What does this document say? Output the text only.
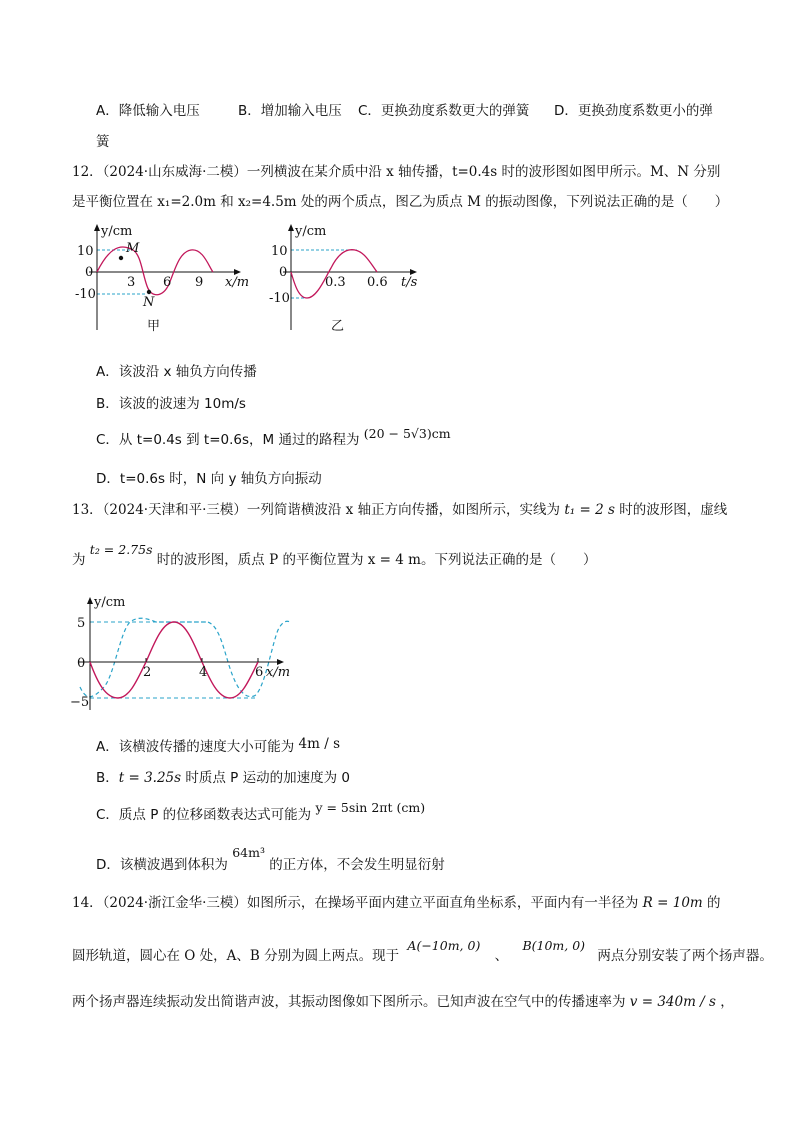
A．降低输入电压	B．增加输入电压 C．更换劲度系数更大的弹簧 D．更换劲度系数更小的弹
簧
12．（2024·山东威海·二模）一列横波在某介质中沿 x 轴传播，t=0.4s 时的波形图如图甲所示。M、N 分别
是平衡位置在 x₁=2.0m 和 x₂=4.5m 处的两个质点，图乙为质点 M 的振动图像，下列说法正确的是（　　）
M
N
y/cm
x/m
10
0
-10
3 6 9
甲
y/cm
t/s
10
0
-10
0.3 0.6
乙
A．该波沿 x 轴负方向传播
B．该波的波速为 10m/s
C．从 t=0.4s 到 t=0.6s，M 通过的路程为 (20 − 5√3)cm
D．t=0.6s 时，N 向 y 轴负方向振动
13．（2024·天津和平·三模）一列简谐横波沿 x 轴正方向传播，如图所示，实线为 t₁ = 2 s 时的波形图，虚线
为 t₂ = 2.75s 时的波形图，质点 P 的平衡位置为 x = 4 m。下列说法正确的是（　　）
y/cm
x/m
5
0
−5
2	4	6
A．该横波传播的速度大小可能为 4m / s
B．t = 3.25s 时质点 P 运动的加速度为 0
C．质点 P 的位移函数表达式可能为 y = 5sin 2πt (cm)
D．该横波遇到体积为 64m³ 的正方体，不会发生明显衍射
14．（2024·浙江金华·三模）如图所示，在操场平面内建立平面直角坐标系，平面内有一半径为 R = 10m 的
圆形轨道，圆心在 O 处，A、B 分别为圆上两点。现于 A(−10m, 0) 、 B(10m, 0) 两点分别安装了两个扬声器。
两个扬声器连续振动发出简谐声波，其振动图像如下图所示。已知声波在空气中的传播速率为 v = 340m / s ，
